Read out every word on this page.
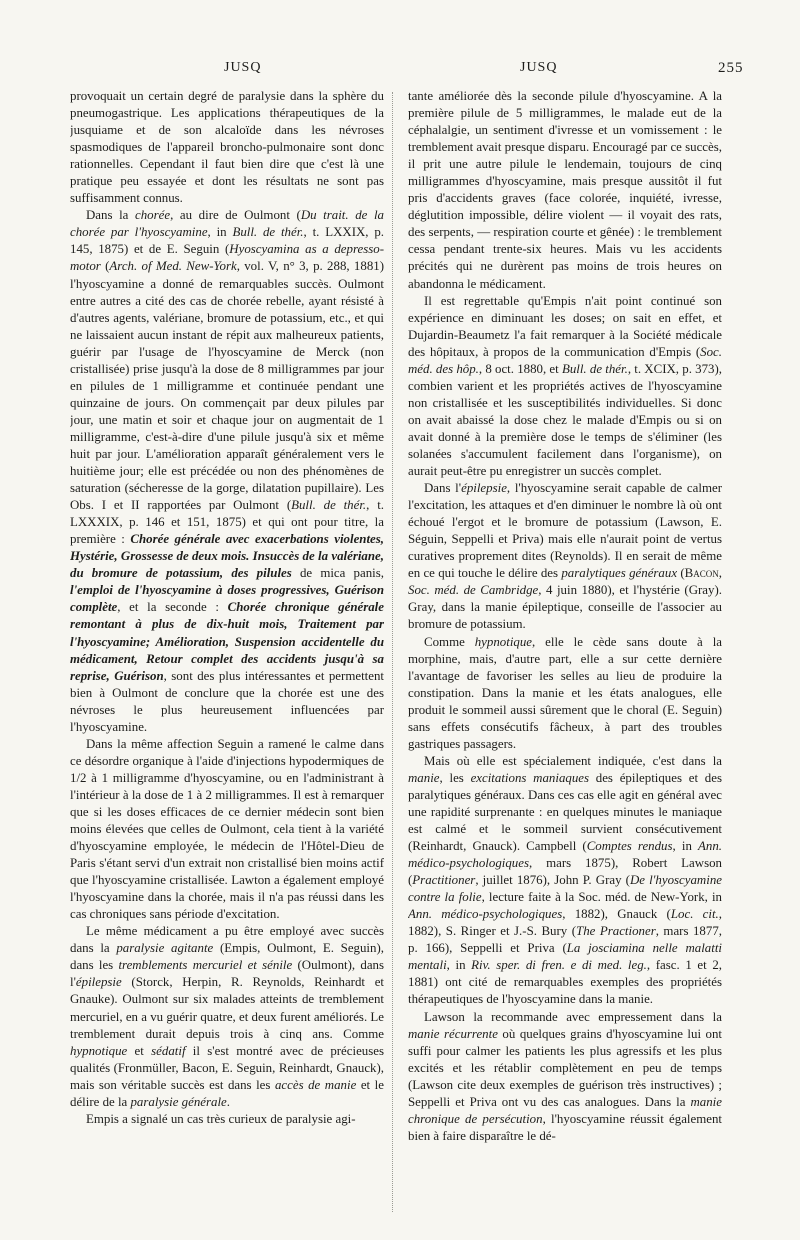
JUSQ	JUSQ	255

provoquait un certain degré de paralysie dans la sphère du pneumogastrique. Les applications thérapeutiques de la jusquiame et de son alcaloïde dans les névroses spasmodiques de l'appareil broncho-pulmonaire sont donc rationnelles. Cependant il faut bien dire que c'est là une pratique peu essayée et dont les résultats ne sont pas suffisamment connus.

Dans la chorée, au dire de Oulmont (Du trait. de la chorée par l'hyoscyamine, in Bull. de thér., t. LXXIX, p. 145, 1875) et de E. Seguin (Hyoscyamina as a depresso-motor (Arch. of Med. New-York, vol. V, n° 3, p. 288, 1881) l'hyoscyamine a donné de remarquables succès. Oulmont entre autres a cité des cas de chorée rebelle, ayant résisté à d'autres agents, valériane, bromure de potassium, etc., et qui ne laissaient aucun instant de répit aux malheureux patients, guérir par l'usage de l'hyoscyamine de Merck (non cristallisée) prise jusqu'à la dose de 8 milligrammes par jour en pilules de 1 milligramme et continuée pendant une quinzaine de jours. On commençait par deux pilules par jour, une matin et soir et chaque jour on augmentait de 1 milligramme, c'est-à-dire d'une pilule jusqu'à six et même huit par jour. L'amélioration apparaît généralement vers le huitième jour; elle est précédée ou non des phénomènes de saturation (sécheresse de la gorge, dilatation pupillaire). Les Obs. I et II rapportées par Oulmont (Bull. de thér., t. LXXXIX, p. 146 et 151, 1875) et qui ont pour titre, la première : Chorée générale avec exacerbations violentes, Hystérie, Grossesse de deux mois. Insuccès de la valériane, du bromure de potassium, des pilules de mica panis, l'emploi de l'hyoscyamine à doses progressives, Guérison complète, et la seconde : Chorée chronique générale remontant à plus de dix-huit mois, Traitement par l'hyoscyamine; Amélioration, Suspension accidentelle du médicament, Retour complet des accidents jusqu'à sa reprise, Guérison, sont des plus intéressantes et permettent bien à Oulmont de conclure que la chorée est une des névroses le plus heureusement influencées par l'hyoscyamine.

Dans la même affection Seguin a ramené le calme dans ce désordre organique à l'aide d'injections hypodermiques de 1/2 à 1 milligramme d'hyoscyamine, ou en l'administrant à l'intérieur à la dose de 1 à 2 milligrammes. Il est à remarquer que si les doses efficaces de ce dernier médecin sont bien moins élevées que celles de Oulmont, cela tient à la variété d'hyoscyamine employée, le médecin de l'Hôtel-Dieu de Paris s'étant servi d'un extrait non cristallisé bien moins actif que l'hyoscyamine cristallisée. Lawton a également employé l'hyoscyamine dans la chorée, mais il n'a pas réussi dans les cas chroniques sans période d'excitation.

Le même médicament a pu être employé avec succès dans la paralysie agitante (Empis, Oulmont, E. Seguin), dans les tremblements mercuriel et sénile (Oulmont), dans l'épilepsie (Storck, Herpin, R. Reynolds, Reinhardt et Gnauke). Oulmont sur six malades atteints de tremblement mercuriel, en a vu guérir quatre, et deux furent améliorés. Le tremblement durait depuis trois à cinq ans. Comme hypnotique et sédatif il s'est montré avec de précieuses qualités (Fronmüller, Bacon, E. Seguin, Reinhardt, Gnauck), mais son véritable succès est dans les accès de manie et le délire de la paralysie générale.

Empis a signalé un cas très curieux de paralysie agi-

tante améliorée dès la seconde pilule d'hyoscyamine. A la première pilule de 5 milligrammes, le malade eut de la céphalalgie, un sentiment d'ivresse et un vomissement : le tremblement avait presque disparu. Encouragé par ce succès, il prit une autre pilule le lendemain, toujours de cinq milligrammes d'hyoscyamine, mais presque aussitôt il fut pris d'accidents graves (face colorée, inquiété, ivresse, déglutition impossible, délire violent — il voyait des rats, des serpents, — respiration courte et gênée) : le tremblement cessa pendant trente-six heures. Mais vu les accidents précités qui ne durèrent pas moins de trois heures on abandonna le médicament.

Il est regrettable qu'Empis n'ait point continué son expérience en diminuant les doses; on sait en effet, et Dujardin-Beaumetz l'a fait remarquer à la Société médicale des hôpitaux, à propos de la communication d'Empis (Soc. méd. des hôp., 8 oct. 1880, et Bull. de thér., t. XCIX, p. 373), combien varient et les propriétés actives de l'hyoscyamine non cristallisée et les susceptibilités individuelles. Si donc on avait abaissé la dose chez le malade d'Empis ou si on avait donné à la première dose le temps de s'éliminer (les solanées s'accumulent facilement dans l'organisme), on aurait peut-être pu enregistrer un succès complet.

Dans l'épilepsie, l'hyoscyamine serait capable de calmer l'excitation, les attaques et d'en diminuer le nombre là où ont échoué l'ergot et le bromure de potassium (Lawson, E. Séguin, Seppelli et Priva) mais elle n'aurait point de vertus curatives proprement dites (Reynolds). Il en serait de même en ce qui touche le délire des paralytiques généraux (Bacon, Soc. méd. de Cambridge, 4 juin 1880), et l'hystérie (Gray). Gray, dans la manie épileptique, conseille de l'associer au bromure de potassium.

Comme hypnotique, elle le cède sans doute à la morphine, mais, d'autre part, elle a sur cette dernière l'avantage de favoriser les selles au lieu de produire la constipation. Dans la manie et les états analogues, elle produit le sommeil aussi sûrement que le choral (E. Seguin) sans effets consécutifs fâcheux, à part des troubles gastriques passagers.

Mais où elle est spécialement indiquée, c'est dans la manie, les excitations maniaques des épileptiques et des paralytiques généraux. Dans ces cas elle agit en général avec une rapidité surprenante : en quelques minutes le maniaque est calmé et le sommeil survient consécutivement (Reinhardt, Gnauck). Campbell (Comptes rendus, in Ann. médico-psychologiques, mars 1875), Robert Lawson (Practitioner, juillet 1876), John P. Gray (De l'hyoscyamine contre la folie, lecture faite à la Soc. méd. de New-York, in Ann. médico-psychologiques, 1882), Gnauck (Loc. cit., 1882), S. Ringer et J.-S. Bury (The Practioner, mars 1877, p. 166), Seppelli et Priva (La josciamina nelle malatti mentali, in Riv. sper. di fren. e di med. leg., fasc. 1 et 2, 1881) ont cité de remarquables exemples des propriétés thérapeutiques de l'hyoscyamine dans la manie.

Lawson la recommande avec empressement dans la manie récurrente où quelques grains d'hyoscyamine lui ont suffi pour calmer les patients les plus agressifs et les plus excités et les rétablir complètement en peu de temps (Lawson cite deux exemples de guérison très instructives) ; Seppelli et Priva ont vu des cas analogues. Dans la manie chronique de persécution, l'hyoscyamine réussit également bien à faire disparaître le dé-
